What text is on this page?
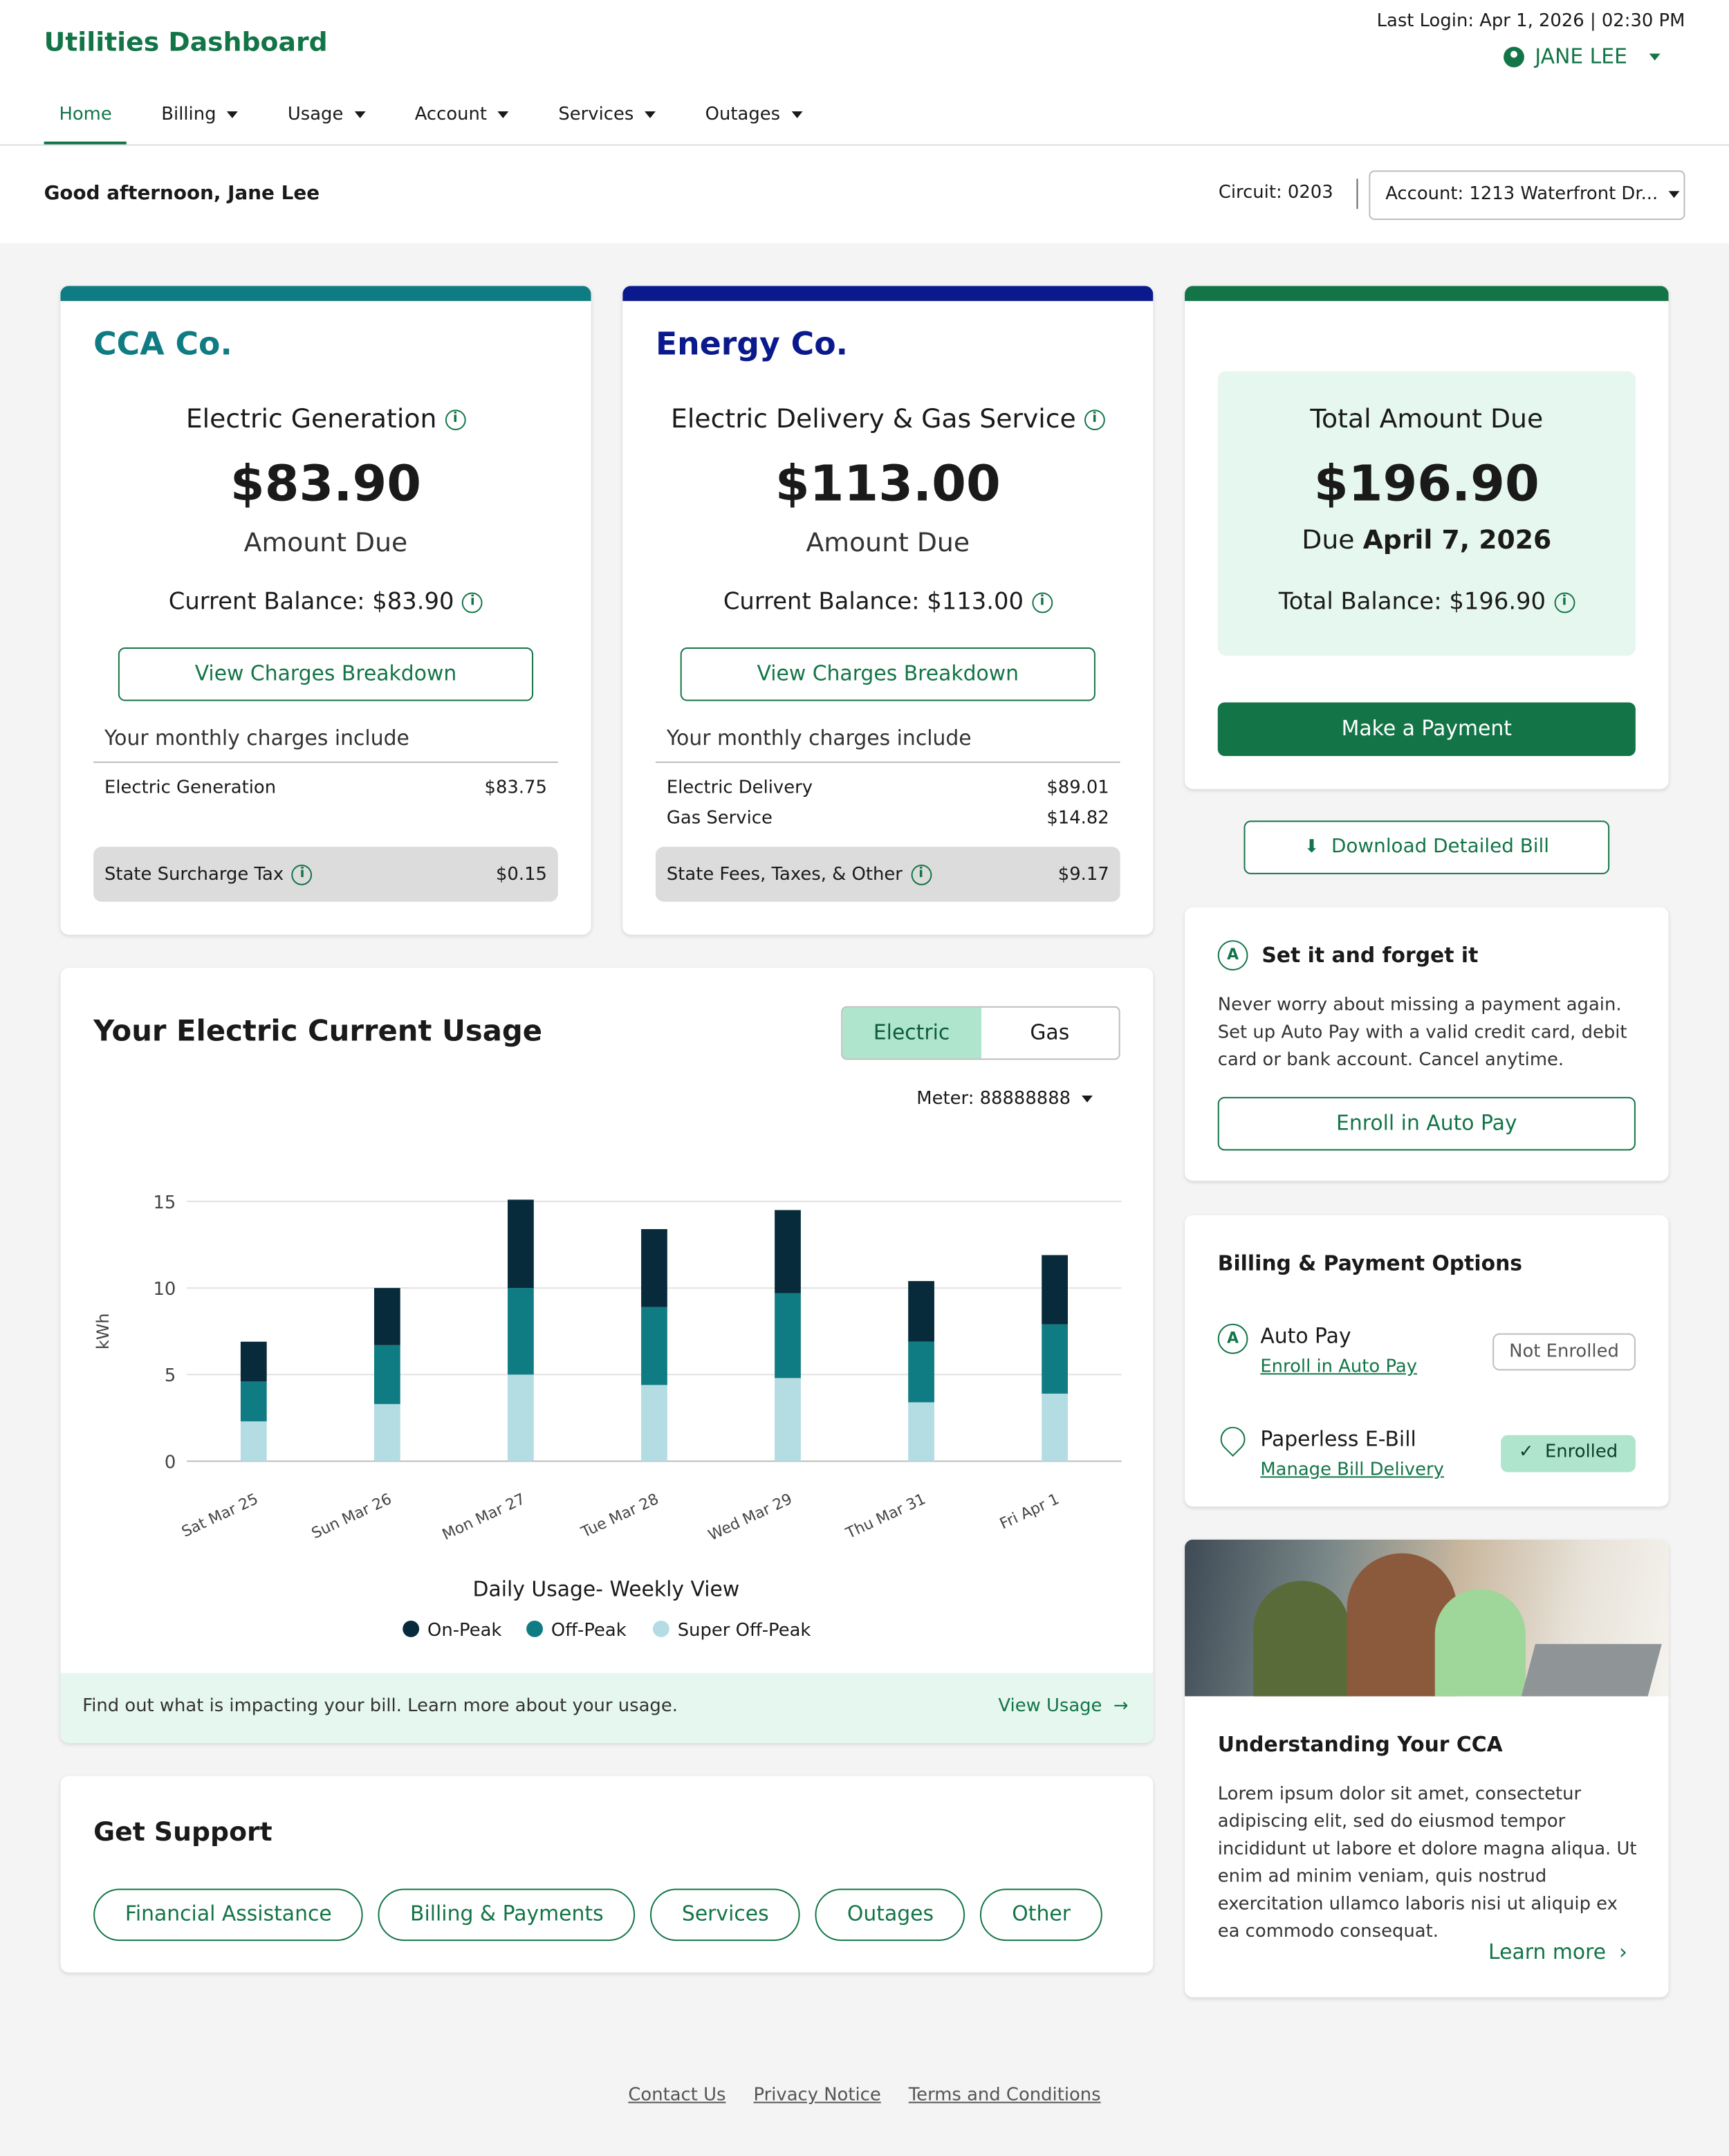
Utilities Dashboard
Last Login: Apr 1, 2026 | 02:30 PM
JANE LEE
Home	Billing	Usage	Account	Services	Outages
Good afternoon, Jane Lee	Circuit: 0203	Account: 1213 Waterfront Dr...
CCA Co.
Electric Generation i
$83.90
Amount Due
Current Balance: $83.90 i
View Charges Breakdown
Your monthly charges include
Electric Generation	$83.75
State Surcharge Tax i	$0.15
Energy Co.
Electric Delivery & Gas Service i
$113.00
Amount Due
Current Balance: $113.00 i
View Charges Breakdown
Your monthly charges include
Electric Delivery	$89.01
Gas Service	$14.82
State Fees, Taxes, & Other i	$9.17
Total Amount Due
$196.90
Due April 7, 2026
Total Balance: $196.90 i
Make a Payment
⬇ Download Detailed Bill
A	Set it and forget it
Never worry about missing a payment again. Set up Auto Pay with a valid credit card, debit card or bank account. Cancel anytime.
Enroll in Auto Pay
Billing & Payment Options
A	Auto Pay
Enroll in Auto Pay
Not Enrolled
Paperless E-Bill
Manage Bill Delivery
✓ Enrolled
Understanding Your CCA
Lorem ipsum dolor sit amet, consectetur adipiscing elit, sed do eiusmod tempor incididunt ut labore et dolore magna aliqua. Ut enim ad minim veniam, quis nostrud exercitation ullamco laboris nisi ut aliquip ex ea commodo consequat.
Learn more ›
Your Electric Current Usage	Electric	Gas
Meter: 88888888
0
5
10
15
kWh
Sat Mar 25	Sun Mar 26	Mon Mar 27	Tue Mar 28	Wed Mar 29	Thu Mar 31	Fri Apr 1
Daily Usage- Weekly View
On-Peak	Off-Peak	Super Off-Peak
Find out what is impacting your bill. Learn more about your usage.	View Usage →
Get Support
Financial Assistance	Billing & Payments	Services	Outages	Other
Contact Us	Privacy Notice	Terms and Conditions
